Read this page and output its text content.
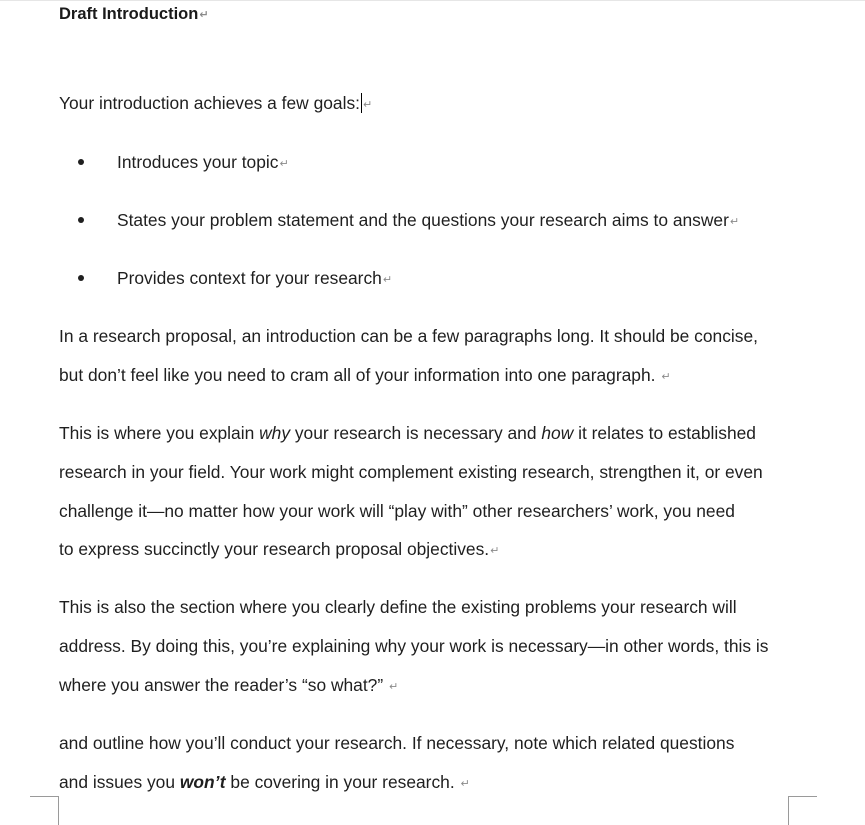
Draft Introduction↵
Your introduction achieves a few goals: ↵
Introduces your topic↵
States your problem statement and the questions your research aims to answer↵
Provides context for your research↵
In a research proposal, an introduction can be a few paragraphs long. It should be concise,
but don’t feel like you need to cram all of your information into one paragraph. ↵
This is where you explain why your research is necessary and how it relates to established
research in your field. Your work might complement existing research, strengthen it, or even
challenge it—no matter how your work will “play with” other researchers’ work, you need
to express succinctly your research proposal objectives.↵
This is also the section where you clearly define the existing problems your research will
address. By doing this, you’re explaining why your work is necessary—in other words, this is
where you answer the reader’s “so what?” ↵
and outline how you’ll conduct your research. If necessary, note which related questions
and issues you won’t be covering in your research. ↵
